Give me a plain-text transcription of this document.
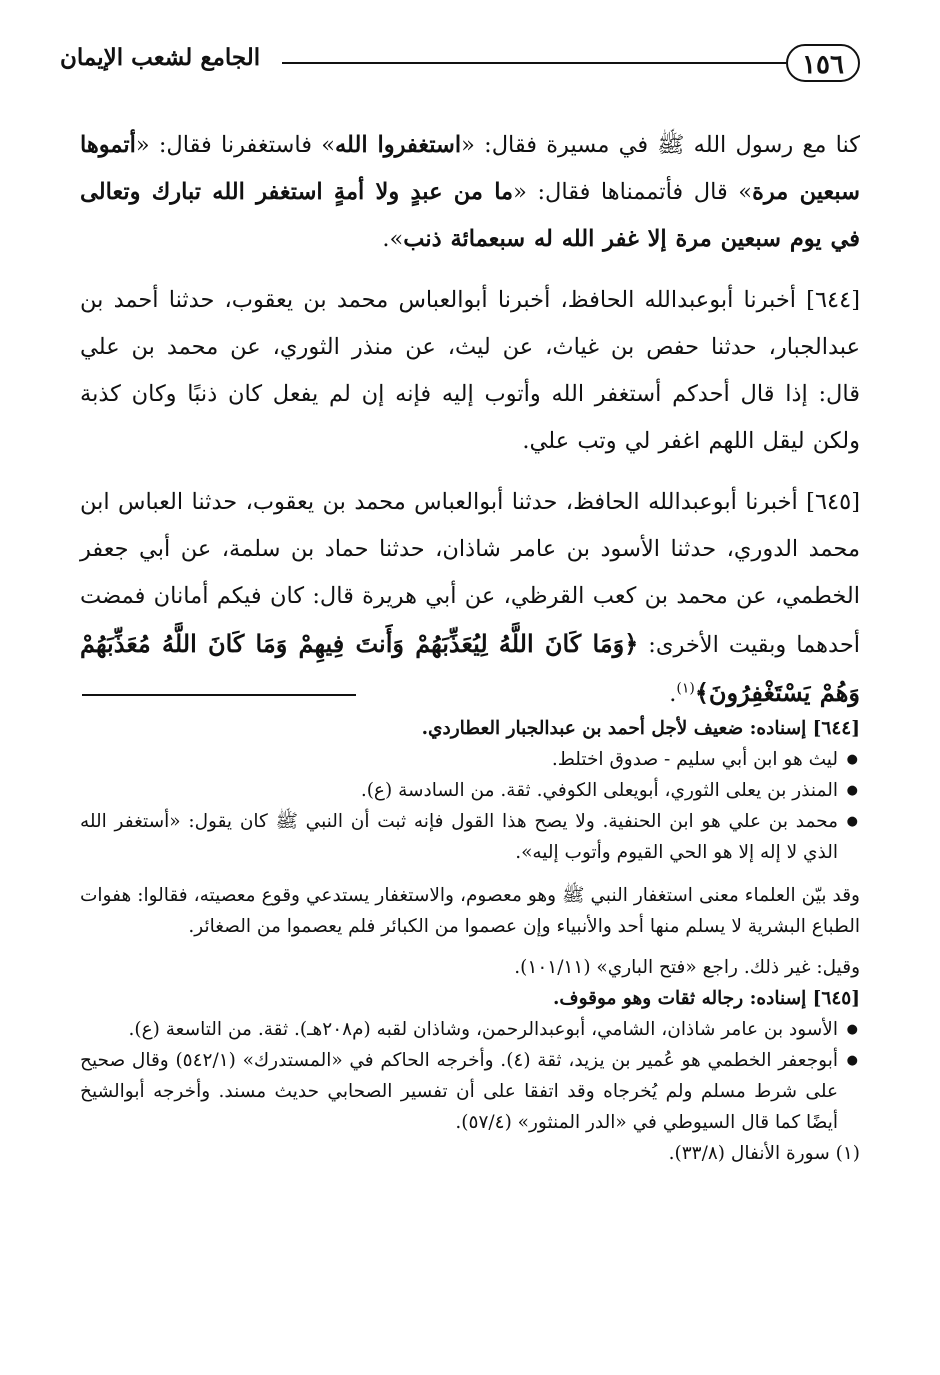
١٥٦
الجامع لشعب الإيمان

كنا مع رسول الله ﷺ في مسيرة فقال: «استغفروا الله» فاستغفرنا فقال: «أتموها سبعين مرة» قال فأتممناها فقال: «ما من عبدٍ ولا أمةٍ استغفر الله تبارك وتعالى في يوم سبعين مرة إلا غفر الله له سبعمائة ذنب».

[٦٤٤] أخبرنا أبوعبدالله الحافظ، أخبرنا أبوالعباس محمد بن يعقوب، حدثنا أحمد بن عبدالجبار، حدثنا حفص بن غياث، عن ليث، عن منذر الثوري، عن محمد بن علي قال: إذا قال أحدكم أستغفر الله وأتوب إليه فإنه إن لم يفعل كان ذنبًا وكان كذبة ولكن ليقل اللهم اغفر لي وتب علي.

[٦٤٥] أخبرنا أبوعبدالله الحافظ، حدثنا أبوالعباس محمد بن يعقوب، حدثنا العباس ابن محمد الدوري، حدثنا الأسود بن عامر شاذان، حدثنا حماد بن سلمة، عن أبي جعفر الخطمي، عن محمد بن كعب القرظي، عن أبي هريرة قال: كان فيكم أمانان فمضت أحدهما وبقيت الأخرى: ﴿وَمَا كَانَ اللَّهُ لِيُعَذِّبَهُمْ وَأَنتَ فِيهِمْ وَمَا كَانَ اللَّهُ مُعَذِّبَهُمْ وَهُمْ يَسْتَغْفِرُونَ﴾$^{(١)}$.

[٦٤٤] إسناده: ضعيف لأجل أحمد بن عبدالجبار العطاردي.

● ليث هو ابن أبي سليم - صدوق اختلط.
● المنذر بن يعلى الثوري، أبويعلى الكوفي. ثقة. من السادسة (ع).
● محمد بن علي هو ابن الحنفية. ولا يصح هذا القول فإنه ثبت أن النبي ﷺ كان يقول: «أستغفر الله الذي لا إله إلا هو الحي القيوم وأتوب إليه».

وقد بيّن العلماء معنى استغفار النبي ﷺ وهو معصوم، والاستغفار يستدعي وقوع معصيته، فقالوا: هفوات الطباع البشرية لا يسلم منها أحد والأنبياء وإن عصموا من الكبائر فلم يعصموا من الصغائر.

وقيل: غير ذلك. راجع «فتح الباري» (١٠١/١١).

[٦٤٥] إسناده: رجاله ثقات وهو موقوف.

● الأسود بن عامر شاذان، الشامي، أبوعبدالرحمن، وشاذان لقبه (م٢٠٨هـ). ثقة. من التاسعة (ع).
● أبوجعفر الخطمي هو عُمير بن يزيد، ثقة (٤). وأخرجه الحاكم في «المستدرك» (٥٤٢/١) وقال صحيح على شرط مسلم ولم يُخرجاه وقد اتفقا على أن تفسير الصحابي حديث مسند. وأخرجه أبوالشيخ أيضًا كما قال السيوطي في «الدر المنثور» (٥٧/٤).

(١) سورة الأنفال (٣٣/٨).
